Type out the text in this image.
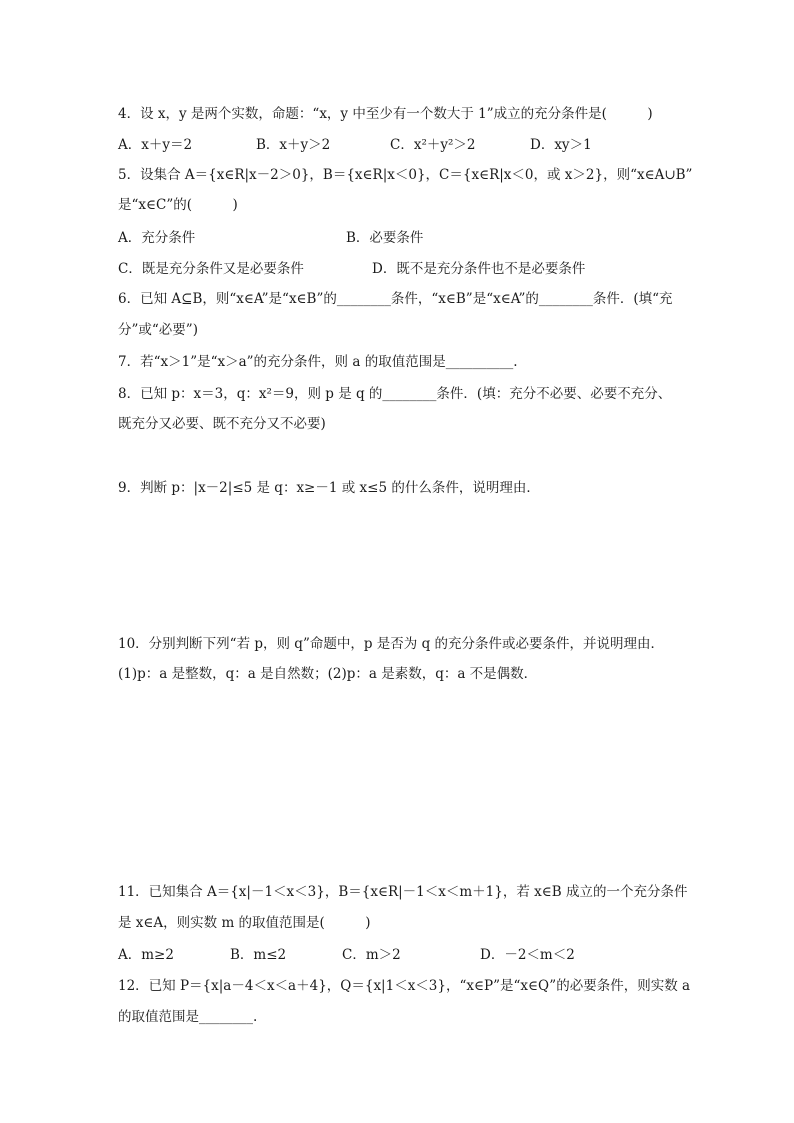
4．设 x，y 是两个实数，命题：“x，y 中至少有一个数大于 1”成立的充分条件是(　　　)
A．x＋y＝2	B．x＋y＞2	C．x²＋y²＞2	D．xy＞1
5．设集合 A＝{x∈R|x－2＞0}，B＝{x∈R|x＜0}，C＝{x∈R|x＜0，或 x＞2}，则“x∈A∪B”
是“x∈C”的(　　　)
A．充分条件	B．必要条件
C．既是充分条件又是必要条件	D．既不是充分条件也不是必要条件
6．已知 A⊆B，则“x∈A”是“x∈B”的________条件，“x∈B”是“x∈A”的________条件．(填“充
分”或“必要”)
7．若“x＞1”是“x＞a”的充分条件，则 a 的取值范围是__________.
8．已知 p：x＝3，q：x²＝9，则 p 是 q 的________条件．(填：充分不必要、必要不充分、
既充分又必要、既不充分又不必要)
9．判断 p：|x－2|≤5 是 q：x≥－1 或 x≤5 的什么条件，说明理由．
10．分别判断下列“若 p，则 q”命题中，p 是否为 q 的充分条件或必要条件，并说明理由．
(1)p：a 是整数，q：a 是自然数；(2)p：a 是素数，q：a 不是偶数．
11．已知集合 A＝{x|－1＜x＜3}，B＝{x∈R|－1＜x＜m＋1}，若 x∈B 成立的一个充分条件
是 x∈A，则实数 m 的取值范围是(　　　)
A．m≥2	B．m≤2	C．m＞2	D．－2＜m＜2
12．已知 P＝{x|a－4＜x＜a＋4}，Q＝{x|1＜x＜3}，“x∈P”是“x∈Q”的必要条件，则实数 a
的取值范围是________.
